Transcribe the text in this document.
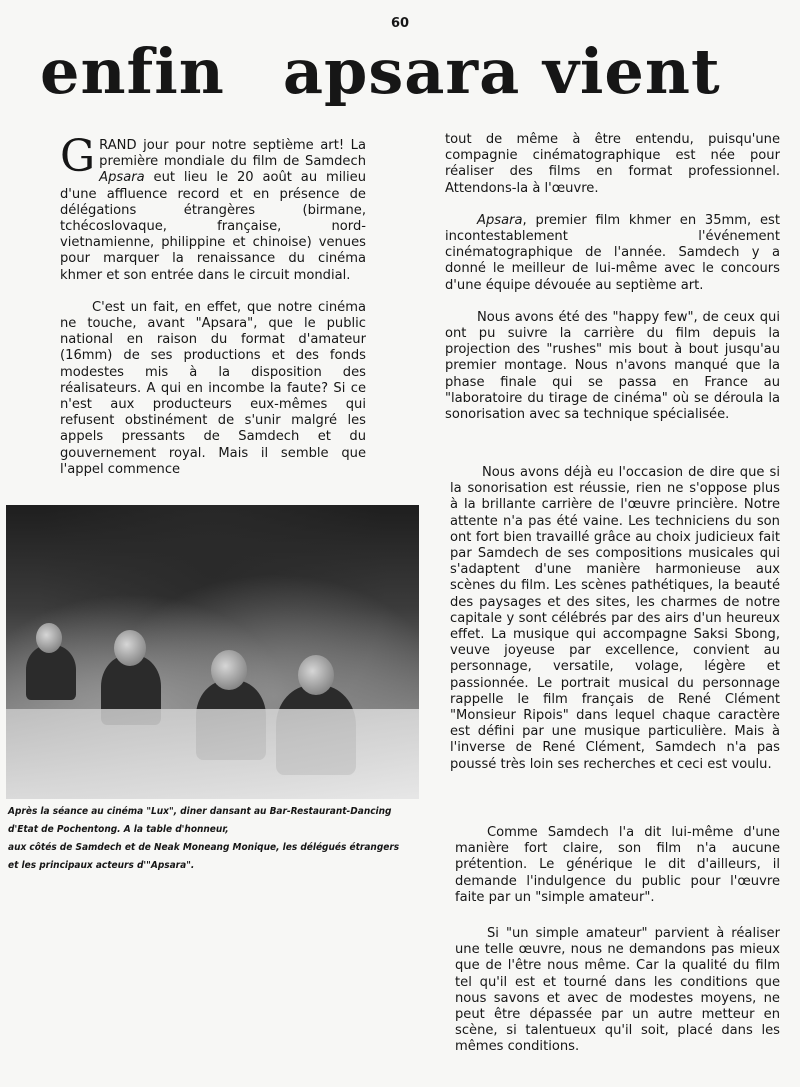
60
enfin apsara vient

GRAND jour pour notre septième art! La première mondiale du film de Samdech Apsara eut lieu le 20 août au milieu d'une affluence record et en présence de délégations étrangères (birmane, tchécoslovaque, française, nord-vietnamienne, philippine et chinoise) venues pour marquer la renaissance du cinéma khmer et son entrée dans le circuit mondial.

C'est un fait, en effet, que notre cinéma ne touche, avant "Apsara", que le public national en raison du format d'amateur (16mm) de ses productions et des fonds modestes mis à la disposition des réalisateurs. A qui en incombe la faute? Si ce n'est aux producteurs eux-mêmes qui refusent obstinément de s'unir malgré les appels pressants de Samdech et du gouvernement royal. Mais il semble que l'appel commence

tout de même à être entendu, puisqu'une compagnie cinématographique est née pour réaliser des films en format professionnel. Attendons-la à l'œuvre.

Apsara, premier film khmer en 35mm, est incontestablement l'événement cinématographique de l'année. Samdech y a donné le meilleur de lui-même avec le concours d'une équipe dévouée au septième art.

Nous avons été des "happy few", de ceux qui ont pu suivre la carrière du film depuis la projection des "rushes" mis bout à bout jusqu'au premier montage. Nous n'avons manqué que la phase finale qui se passa en France au "laboratoire du tirage de cinéma" où se déroula la sonorisation avec sa technique spécialisée.

Nous avons déjà eu l'occasion de dire que si la sonorisation est réussie, rien ne s'oppose plus à la brillante carrière de l'œuvre princière. Notre attente n'a pas été vaine. Les techniciens du son ont fort bien travaillé grâce au choix judicieux fait par Samdech de ses compositions musicales qui s'adaptent d'une manière harmonieuse aux scènes du film. Les scènes pathétiques, la beauté des paysages et des sites, les charmes de notre capitale y sont célébrés par des airs d'un heureux effet. La musique qui accompagne Saksi Sbong, veuve joyeuse par excellence, convient au personnage, versatile, volage, légère et passionnée. Le portrait musical du personnage rappelle le film français de René Clément "Monsieur Ripois" dans lequel chaque caractère est défini par une musique particulière. Mais à l'inverse de René Clément, Samdech n'a pas poussé très loin ses recherches et ceci est voulu.

Comme Samdech l'a dit lui-même d'une manière fort claire, son film n'a aucune prétention. Le générique le dit d'ailleurs, il demande l'indulgence du public pour l'œuvre faite par un "simple amateur".

Si "un simple amateur" parvient à réaliser une telle œuvre, nous ne demandons pas mieux que de l'être nous même. Car la qualité du film tel qu'il est et tourné dans les conditions que nous savons et avec de modestes moyens, ne peut être dépassée par un autre metteur en scène, si talentueux qu'il soit, placé dans les mêmes conditions.

Après la séance au cinéma "Lux", diner dansant au Bar-Restaurant-Dancing
d'Etat de Pochentong. A la table d'honneur,
aux côtés de Samdech et de Neak Moneang Monique, les délégués étrangers
et les principaux acteurs d'"Apsara".
